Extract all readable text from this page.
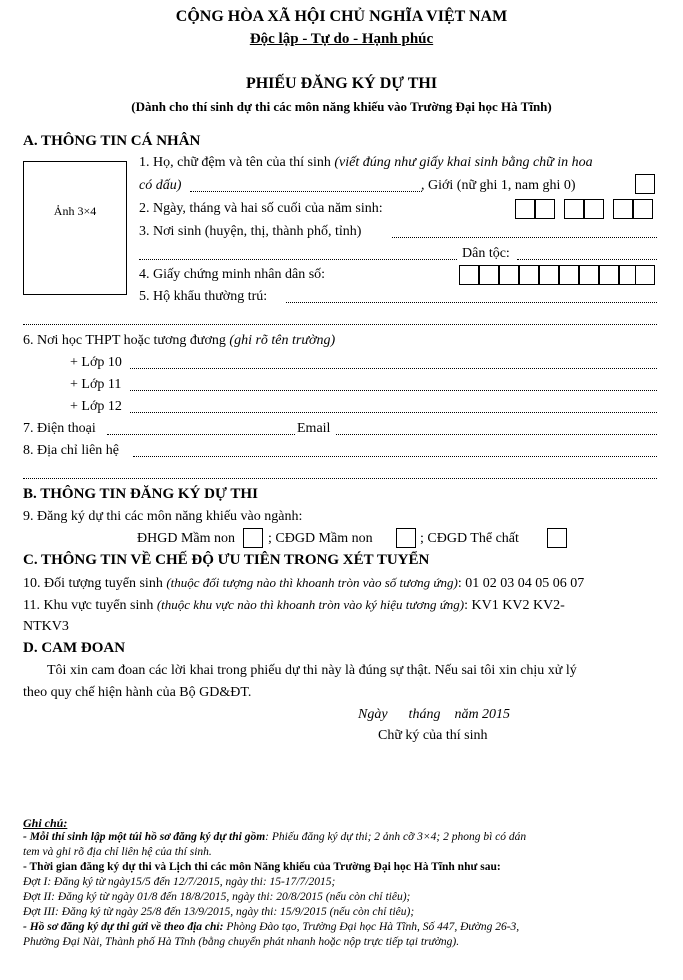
CỘNG HÒA XÃ HỘI CHỦ NGHĨA VIỆT NAM
Độc lập - Tự do - Hạnh phúc
PHIẾU ĐĂNG KÝ DỰ THI
(Dành cho thí sinh dự thi các môn năng khiếu vào Trường Đại học Hà Tĩnh)
A. THÔNG TIN CÁ NHÂN
Ảnh 3×4
1. Họ, chữ đệm và tên của thí sinh (viết đúng như giấy khai sinh bằng chữ in hoa
có dấu)	, Giới (nữ ghi 1, nam ghi 0)
2. Ngày, tháng và hai số cuối của năm sinh:
3. Nơi sinh (huyện, thị, thành phố, tỉnh)
Dân tộc:
4. Giấy chứng minh nhân dân số:
5. Hộ khẩu thường trú:
6. Nơi học THPT hoặc tương đương (ghi rõ tên trường)
+ Lớp 10
+ Lớp 11
+ Lớp 12
7. Điện thoại	Email
8. Địa chỉ liên hệ
B. THÔNG TIN ĐĂNG KÝ DỰ THI
9. Đăng ký dự thi các môn năng khiếu vào ngành:
ĐHGD Mầm non ; CĐGD Mầm non	; CĐGD Thể chất
C. THÔNG TIN VỀ CHẾ ĐỘ ƯU TIÊN TRONG XÉT TUYỂN
10. Đối tượng tuyển sinh (thuộc đối tượng nào thì khoanh tròn vào số tương ứng): 01 02 03 04 05 06 07
11. Khu vực tuyển sinh (thuộc khu vực nào thì khoanh tròn vào ký hiệu tương ứng): KV1 KV2 KV2-
NTKV3
D. CAM ĐOAN
Tôi xin cam đoan các lời khai trong phiếu dự thi này là đúng sự thật. Nếu sai tôi xin chịu xử lý
theo quy chế hiện hành của Bộ GD&ĐT.
Ngày      tháng    năm 2015
Chữ ký của thí sinh
Ghi chú:
- Mỗi thí sinh lập một túi hồ sơ đăng ký dự thi gồm: Phiếu đăng ký dự thi; 2 ảnh cỡ 3×4; 2 phong bì có dán
tem và ghi rõ địa chỉ liên hệ của thí sinh.
- Thời gian đăng ký dự thi và Lịch thi các môn Năng khiếu của Trường Đại học Hà Tĩnh như sau:
Đợt I: Đăng ký từ ngày15/5 đến 12/7/2015, ngày thi: 15-17/7/2015;
Đợt II: Đăng ký từ ngày 01/8 đến 18/8/2015, ngày thi: 20/8/2015 (nếu còn chỉ tiêu);
Đợt III: Đăng ký từ ngày 25/8 đến 13/9/2015, ngày thi: 15/9/2015 (nếu còn chỉ tiêu);
- Hồ sơ đăng ký dự thi gửi về theo địa chỉ: Phòng Đào tạo, Trường Đại học Hà Tĩnh, Số 447, Đường 26-3,
Phường Đại Nài, Thành phố Hà Tĩnh (bằng chuyển phát nhanh hoặc nộp trực tiếp tại trường).
